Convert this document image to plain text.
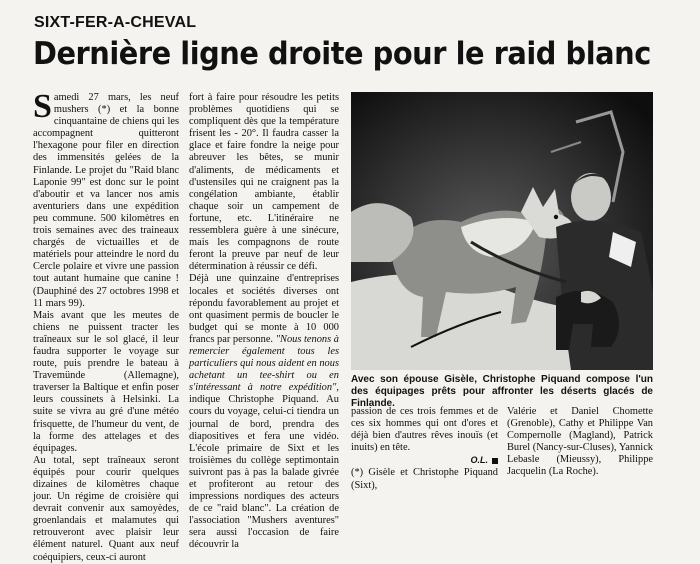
SIXT-FER-A-CHEVAL
Dernière ligne droite pour le raid blanc

Samedi 27 mars, les neuf mushers (*) et la bonne cinquantaine de chiens qui les accompagnent quitteront l'hexagone pour filer en direction des immensités gelées de la Finlande. Le projet du "Raid blanc Laponie 99" est donc sur le point d'aboutir et va lancer nos amis aventuriers dans une expédition peu commune. 500 kilomètres en trois semaines avec des traineaux chargés de victuailles et de matériels pour atteindre le nord du Cercle polaire et vivre une passion tout autant humaine que canine ! (Dauphiné des 27 octobres 1998 et 11 mars 99).

Mais avant que les meutes de chiens ne puissent tracter les traîneaux sur le sol glacé, il leur faudra supporter le voyage sur route, puis prendre le bateau à Travemünde (Allemagne), traverser la Baltique et enfin poser leurs coussinets à Helsinki. La suite se vivra au gré d'une météo frisquette, de l'humeur du vent, de la forme des attelages et des équipages.

Au total, sept traîneaux seront équipés pour courir quelques dizaines de kilomètres chaque jour. Un régime de croisière qui devrait convenir aux samoyèdes, groenlandais et malamutes qui retrouveront avec plaisir leur élément naturel. Quant aux neuf coéquipiers, ceux-ci auront

fort à faire pour résoudre les petits problèmes quotidiens qui se compliquent dès que la température frisent les - 20°. Il faudra casser la glace et faire fondre la neige pour abreuver les bêtes, se munir d'aliments, de médicaments et d'ustensiles qui ne craignent pas la congélation ambiante, établir chaque soir un campement de fortune, etc. L'itinéraire ne ressemblera guère à une sinécure, mais les compagnons de route feront la preuve par neuf de leur détermination à réussir ce défi.

Déjà une quinzaine d'entreprises locales et sociétés diverses ont répondu favorablement au projet et ont quasiment permis de boucler le budget qui se monte à 10 000 francs par personne. "Nous tenons à remercier également tous les particuliers qui nous aident en nous achetant un tee-shirt ou en s'intéressant à notre expédition", indique Christophe Piquand. Au cours du voyage, celui-ci tiendra un journal de bord, prendra des diapositives et fera une vidéo. L'école primaire de Sixt et les troisièmes du collège septimontain suivront pas à pas la balade givrée et profiteront au retour des impressions nordiques des acteurs de ce "raid blanc". La création de l'association "Mushers aventures" sera aussi l'occasion de faire découvrir la

Avec son épouse Gisèle, Christophe Piquand compose l'un des équipages prêts pour affronter les déserts glacés de Finlande.

passion de ces trois femmes et de ces six hommes qui ont d'ores et déjà bien d'autres rêves inouïs (et inuits) en tête.

O.L.

(*) Gisèle et Christophe Piquand (Sixt),

Valérie et Daniel Chomette (Grenoble), Cathy et Philippe Van Compernolle (Magland), Patrick Burel (Nancy-sur-Cluses), Yannick Lebasle (Mieussy), Philippe Jacquelin (La Roche).
